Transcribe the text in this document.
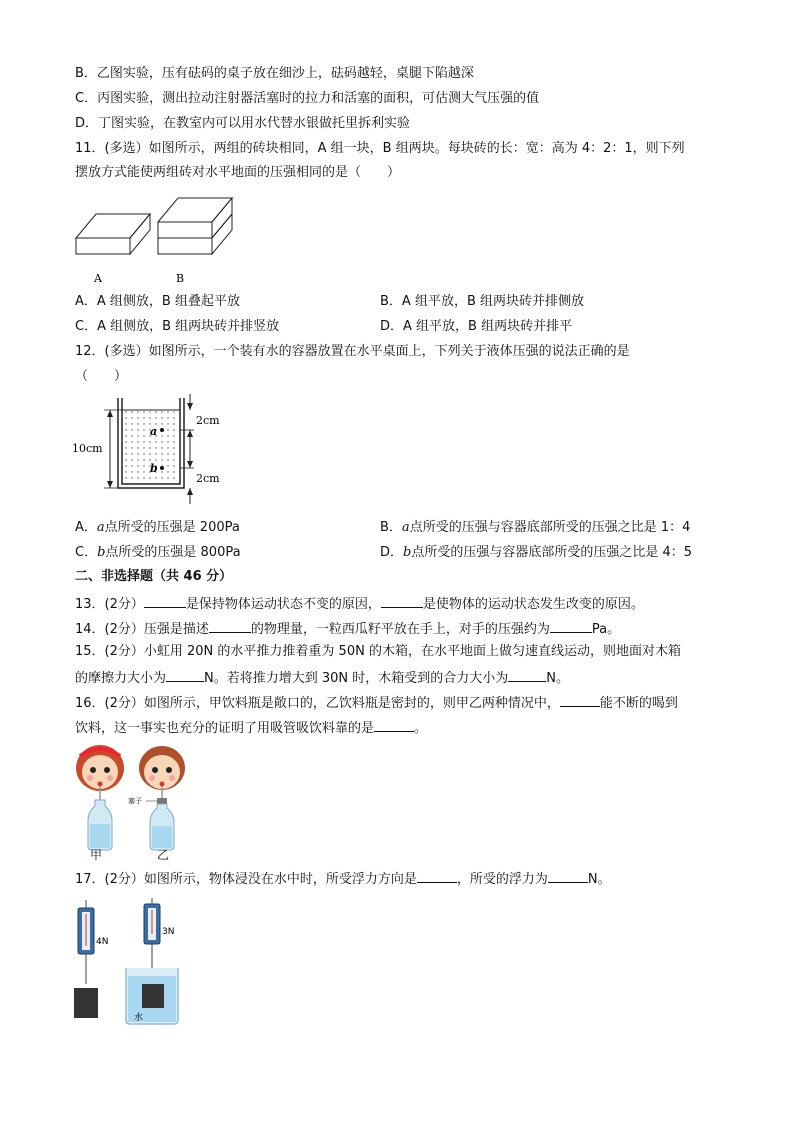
B．乙图实验，压有砝码的桌子放在细沙上，砝码越轻，桌腿下陷越深
C．丙图实验，测出拉动注射器活塞时的拉力和活塞的面积，可估测大气压强的值
D．丁图实验，在教室内可以用水代替水银做托里拆利实验
11．(多选）如图所示，两组的砖块相同，A 组一块，B 组两块。每块砖的长：宽：高为 4：2：1，则下列
摆放方式能使两组砖对水平地面的压强相同的是（　　）
A	B
A．A 组侧放，B 组叠起平放	B．A 组平放，B 组两块砖并排侧放
C．A 组侧放，B 组两块砖并排竖放	D．A 组平放，B 组两块砖并排平
12．(多选）如图所示，一个装有水的容器放置在水平桌面上，下列关于液体压强的说法正确的是
（　　）
10cm
2cm
2cm
a
b
A．a点所受的压强是 200Pa	B．a点所受的压强与容器底部所受的压强之比是 1：4
C．b点所受的压强是 800Pa	D．b点所受的压强与容器底部所受的压强之比是 4：5
二、非选择题（共 46 分）
13．(2分）	是保持物体运动状态不变的原因，	是使物体的运动状态发生改变的原因。
14．(2分）压强是描述	的物理量，一粒西瓜籽平放在手上，对手的压强约为	Pa。
15．(2分）小虹用 20N 的水平推力推着重为 50N 的木箱，在水平地面上做匀速直线运动，则地面对木箱
的摩擦力大小为	N。若将推力增大到 30N 时，木箱受到的合力大小为	N。
16．(2分）如图所示，甲饮料瓶是敞口的，乙饮料瓶是密封的，则甲乙两种情况中，	能不断的喝到
饮料，这一事实也充分的证明了用吸管吸饮料靠的是	。
塞子
甲	乙
17．(2分）如图所示，物体浸没在水中时，所受浮力方向是	，所受的浮力为	N。
4N
3N
水
